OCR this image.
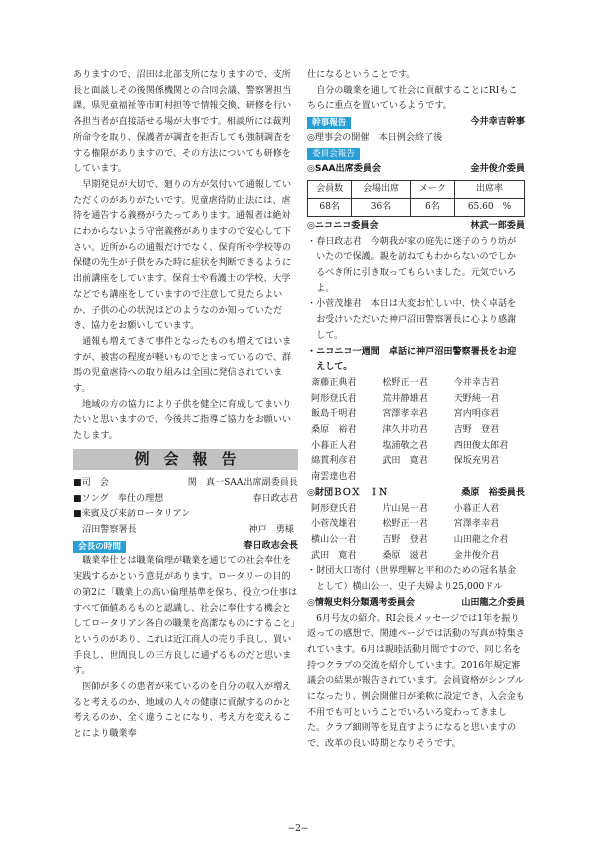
ありますので、沼田は北部支所になりますので、支所長と面談しその後関係機関との合同会議、警察署担当課、県児童福祉等市町村担等で情報交換、研修を行い各担当者が直接話せる場が大事です。相談所には裁判所命令を取り、保護者が調査を拒否しても強制調査をする権限がありますので、その方法についても研修をしています。

早期発見が大切で、廻りの方が気付いて通報していただくのがありがたいです。児童虐待防止法には、虐待を通告する義務がうたってあります。通報者は絶対にわからないよう守密義務がありますので安心して下さい。近所からの通報だけでなく、保育所や学校等の保健の先生が子供をみた時に症状を判断できるように出前講座をしています。保育士や看護士の学校、大学などでも講座をしていますので注意して見たらよいか、子供の心の状況はどのようなのか知っていただき、協力をお願いしています。

通報も増えてきて事件となったものも増えてはいますが、被害の程度が軽いものでとまっているので、群馬の児童虐待への取り組みは全国に発信されています。

地域の方の協力により子供を健全に育成してまいりたいと思いますので、今後共ご指導ご協力をお願いいたします。

例会報告
■司　会	関　真一SAA出席副委員長
■ソング　奉仕の理想	春日政志君

■来賓及び来訪ロータリアン

沼田警察署長	神戸　勇様
会長の時間	春日政志会長

職業奉仕とは職業倫理が職業を通じての社会奉仕を実践するかという意見があります。ロータリーの目的の第2に「職業上の高い倫理基準を保ち、役立つ仕事はすべて価値あるものと認識し、社会に奉仕する機会としてロータリアン各自の職業を高潔なものにすること」というのがあり、これは近江商人の売り手良し、買い手良し、世間良しの三方良しに通ずるものだと思います。

医師が多くの患者が来ているのを自分の収入が増えると考えるのか、地域の人々の健康に貢献するのかと考えるのか、全く違うことになり、考え方を変えることにより職業奉

仕になるということです。

自分の職業を通して社会に貢献することにRIもこちらに重点を置いているようです。

幹事報告	今井幸吉幹事

◎理事会の開催　本日例会終了後

委員会報告
◎SAA出席委員会	金井俊介委員
会員数	会場出席	メーク	出席率
68名	36名	6名	65.60　%
◎ニコニコ委員会	林武一郎委員

・春日政志君　今朝我が家の庭先に迷子のうり坊がいたので保護。親を訪ねてもわからないのでしかるべき所に引き取ってもらいました。元気でいろよ。

・小菅茂雄君　本日は大変お忙しい中、快く卓話をお受けいただいた神戸沼田警察署長に心より感謝して。

・ニコニコ一週間　卓話に神戸沼田警察署長をお迎えして。

斎藤正典君	松野正一君	今井幸吉君
阿形登氏君	荒井静雄君	天野純一君
飯島千明君	宮澤孝幸君	宮内明彦君
桑原　裕君	津久井功君	吉野　登君
小暮正人君	塩浦敬之君	西田俊太郎君
綿貫利彦君	武田　寛君	保坂充男君
南雲達也君
◎財団ＢＯＸ　ＩＮ	桑原　裕委員長
阿形登氏君	片山晃一君	小暮正人君
小菅茂雄君	松野正一君	宮澤孝幸君
横山公一君	吉野　登君	山田龍之介君
武田　寛君	桑原　滋君	金井俊介君

・財団大口寄付（世界理解と平和のための冠名基金として）横山公一、史子夫婦より25,000ドル

◎情報史料分類選考委員会	山田龍之介委員

6月号友の紹介。RI会長メッセージでは1年を振り返っての感想で、関連ページでは活動の写真が特集されています。6月は親睦活動月間ですので、同じ名を持つクラブの交流を紹介しています。2016年規定審議会の結果が報告されています。会員資格がシンプルになったり、例会開催日が柔軟に設定でき、入会金も不用でも可ということでいろいろ変わってきました。クラブ細則等を見直すようになると思いますので、改革の良い時期となりそうです。

−2−
